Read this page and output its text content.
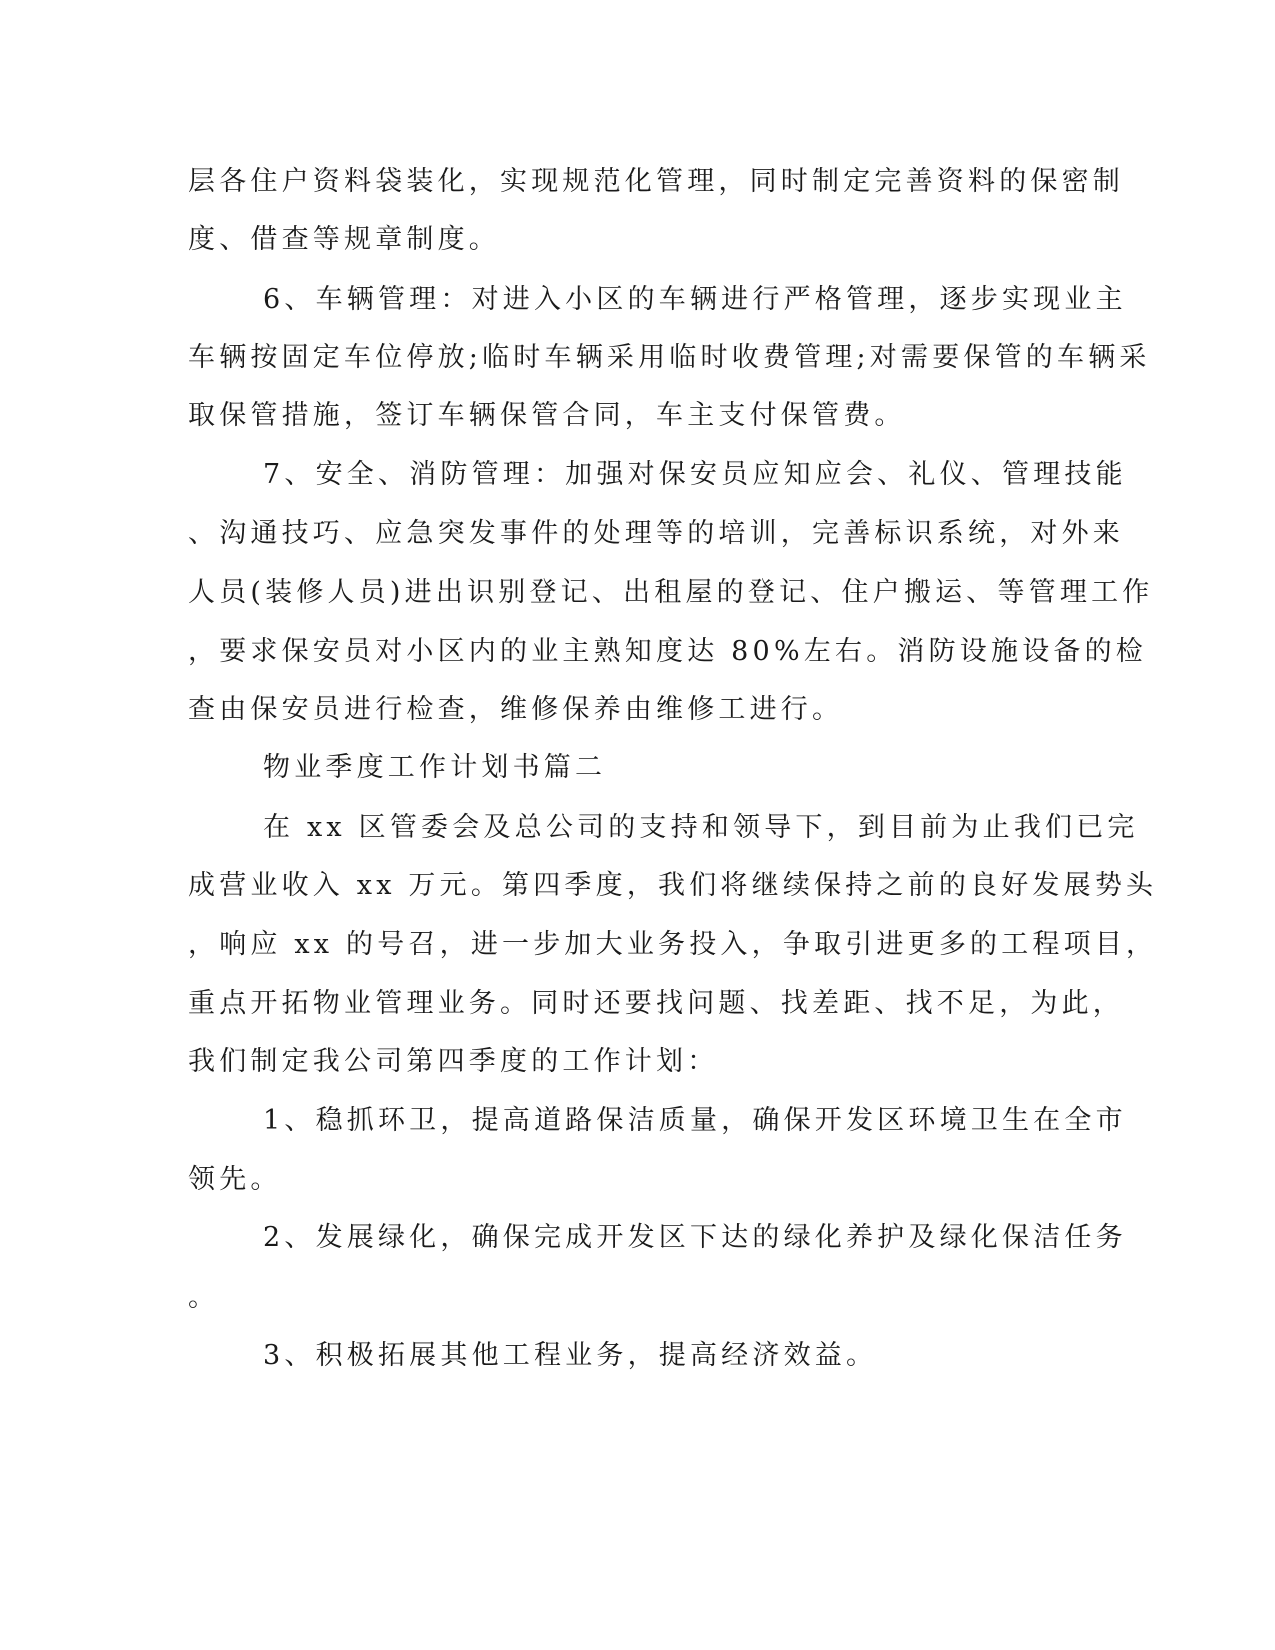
层各住户资料袋装化，实现规范化管理，同时制定完善资料的保密制

度、借查等规章制度。

6、车辆管理：对进入小区的车辆进行严格管理，逐步实现业主

车辆按固定车位停放;临时车辆采用临时收费管理;对需要保管的车辆采

取保管措施，签订车辆保管合同，车主支付保管费。

7、安全、消防管理：加强对保安员应知应会、礼仪、管理技能

、沟通技巧、应急突发事件的处理等的培训，完善标识系统，对外来

人员(装修人员)进出识别登记、出租屋的登记、住户搬运、等管理工作

，要求保安员对小区内的业主熟知度达 80%左右。消防设施设备的检

查由保安员进行检查，维修保养由维修工进行。

物业季度工作计划书篇二

在 xx 区管委会及总公司的支持和领导下，到目前为止我们已完

成营业收入 xx 万元。第四季度，我们将继续保持之前的良好发展势头

，响应 xx 的号召，进一步加大业务投入，争取引进更多的工程项目，

重点开拓物业管理业务。同时还要找问题、找差距、找不足，为此，

我们制定我公司第四季度的工作计划：

1、稳抓环卫，提高道路保洁质量，确保开发区环境卫生在全市

领先。

2、发展绿化，确保完成开发区下达的绿化养护及绿化保洁任务

。

3、积极拓展其他工程业务，提高经济效益。
